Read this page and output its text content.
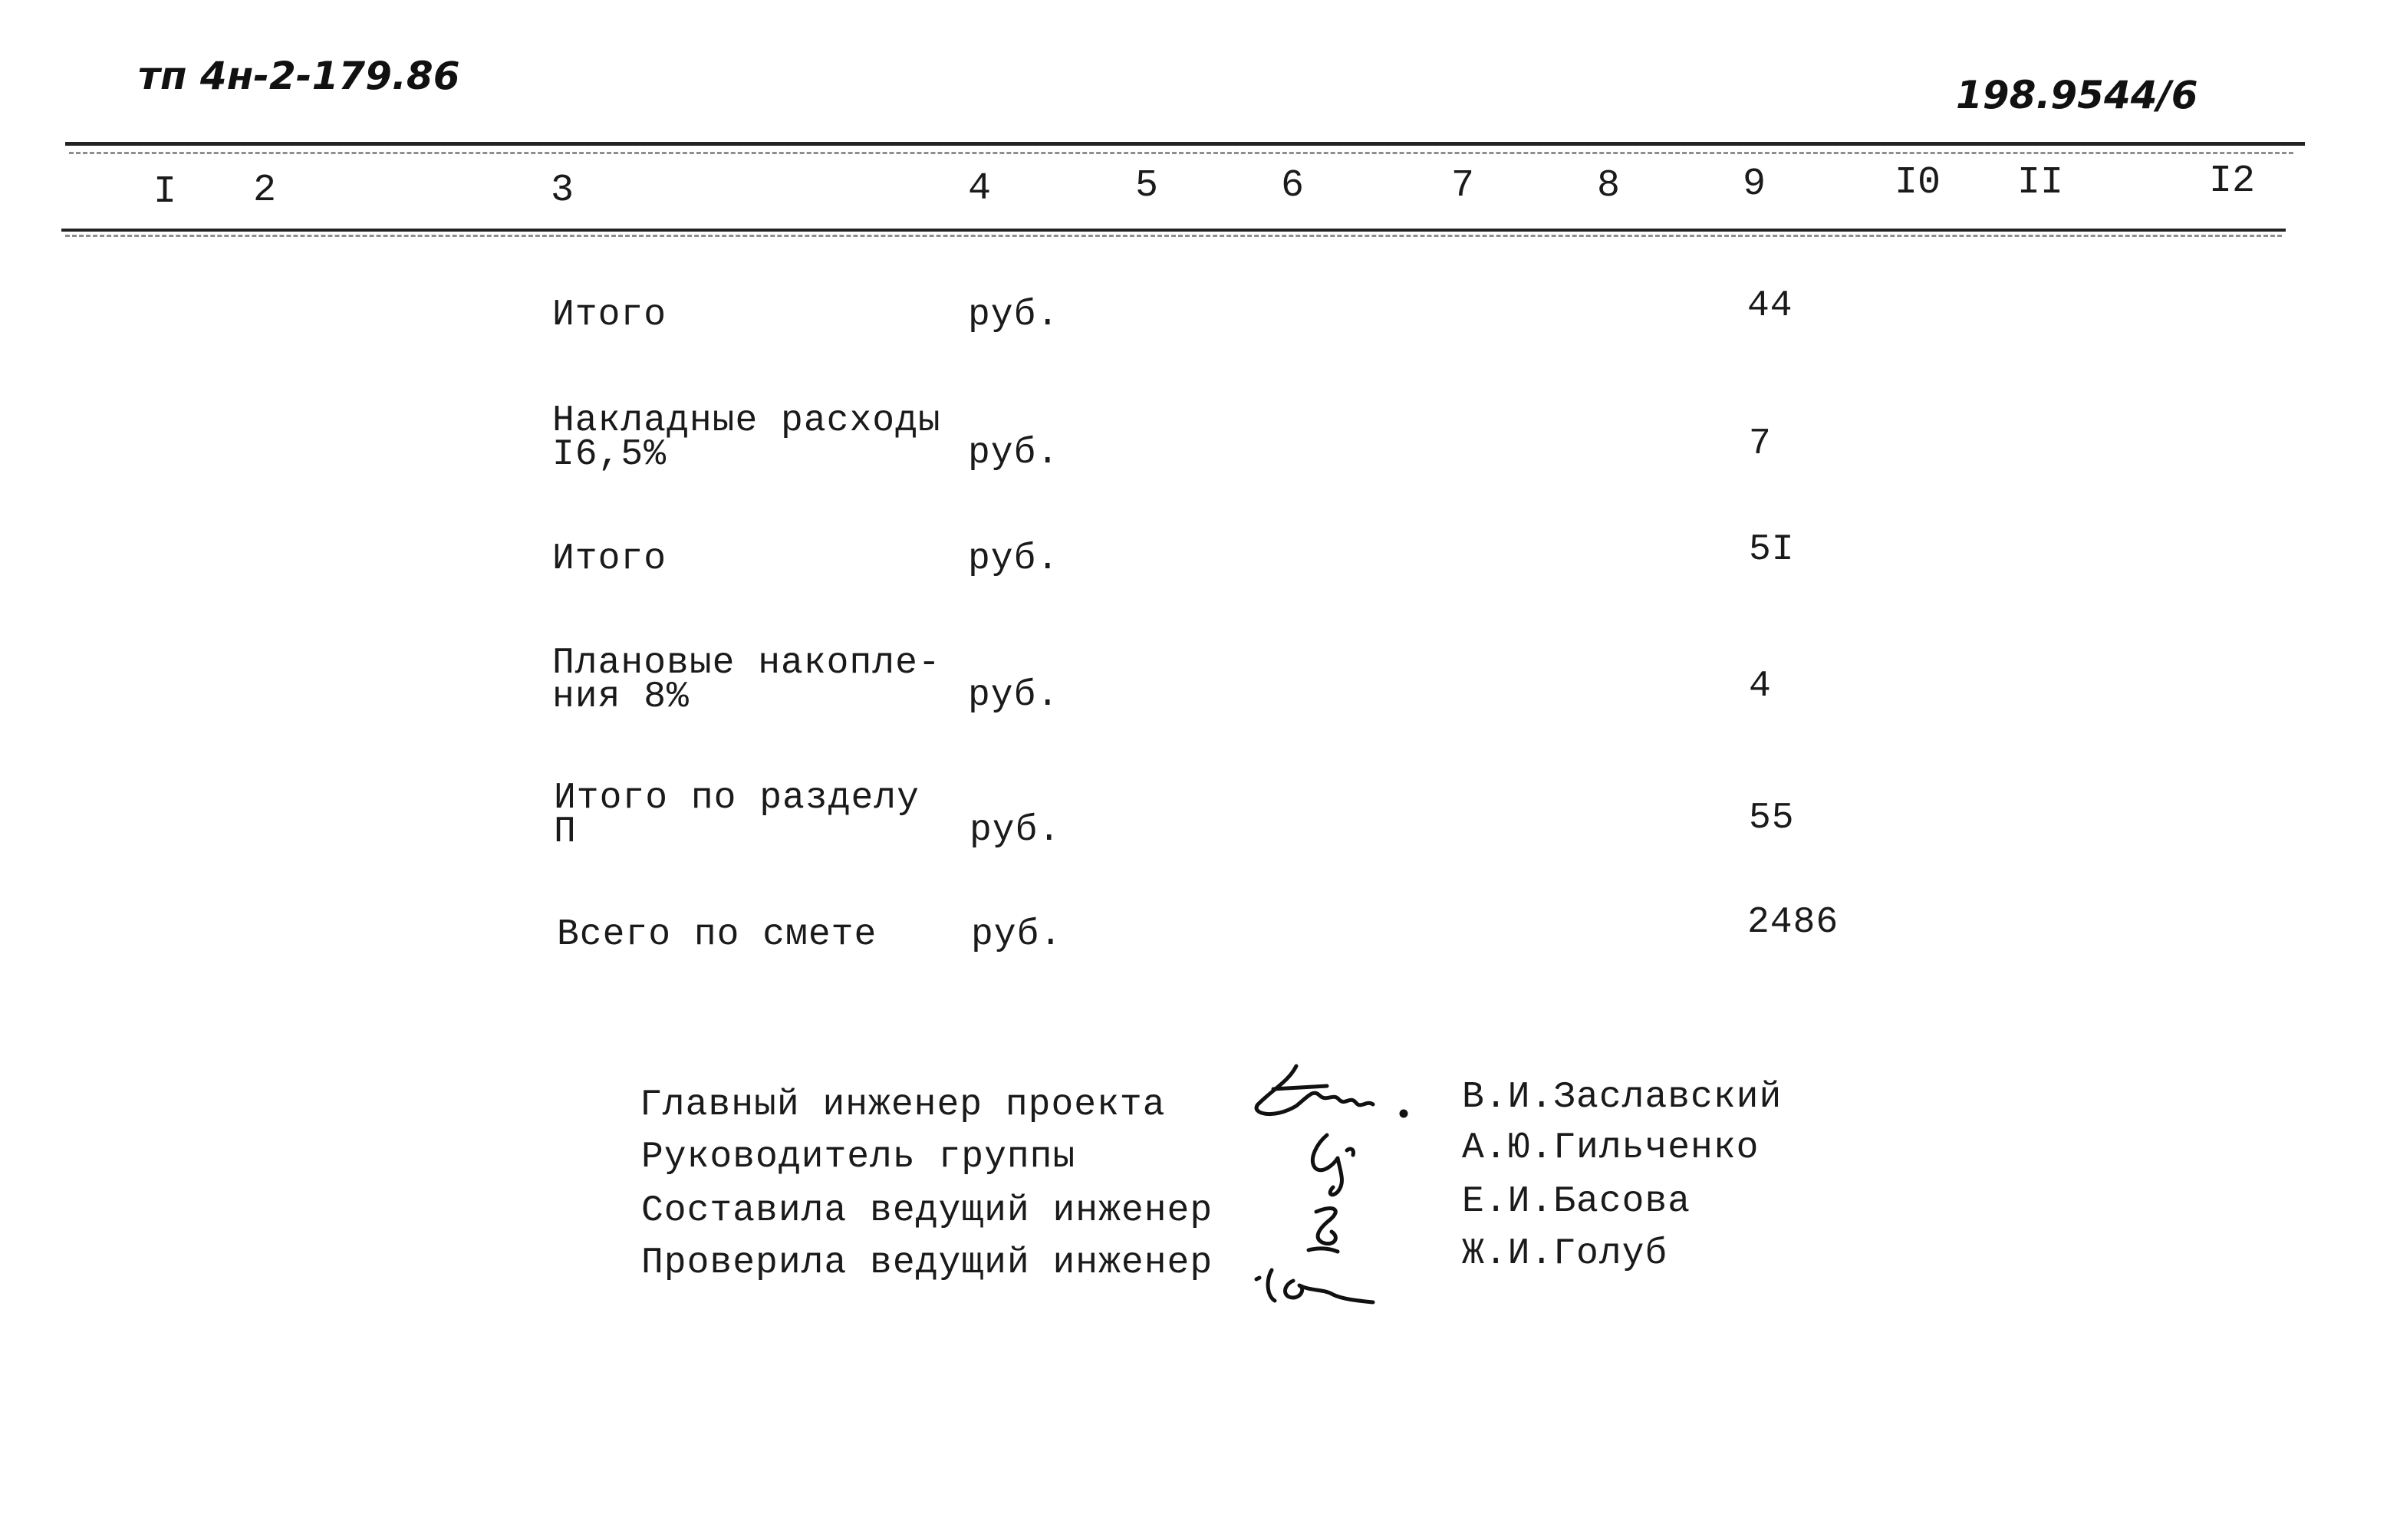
тп 4н-2-179.86	198.9544/6
I 2	3	4	5	6	7	8	9	I0 II	I2
Итого	руб.	44
Накладные расходы
I6,5%	руб.	7
Итого	руб.	5I
Плановые накопле-
ния 8%	руб.	4
Итого по разделу
П	руб.	55
Всего по смете	руб.	2486
Главный инженер проекта
Руководитель группы
Составила ведущий инженер
Проверила ведущий инженер
В.И.Заславский
А.Ю.Гильченко
Е.И.Басова
Ж.И.Голуб
